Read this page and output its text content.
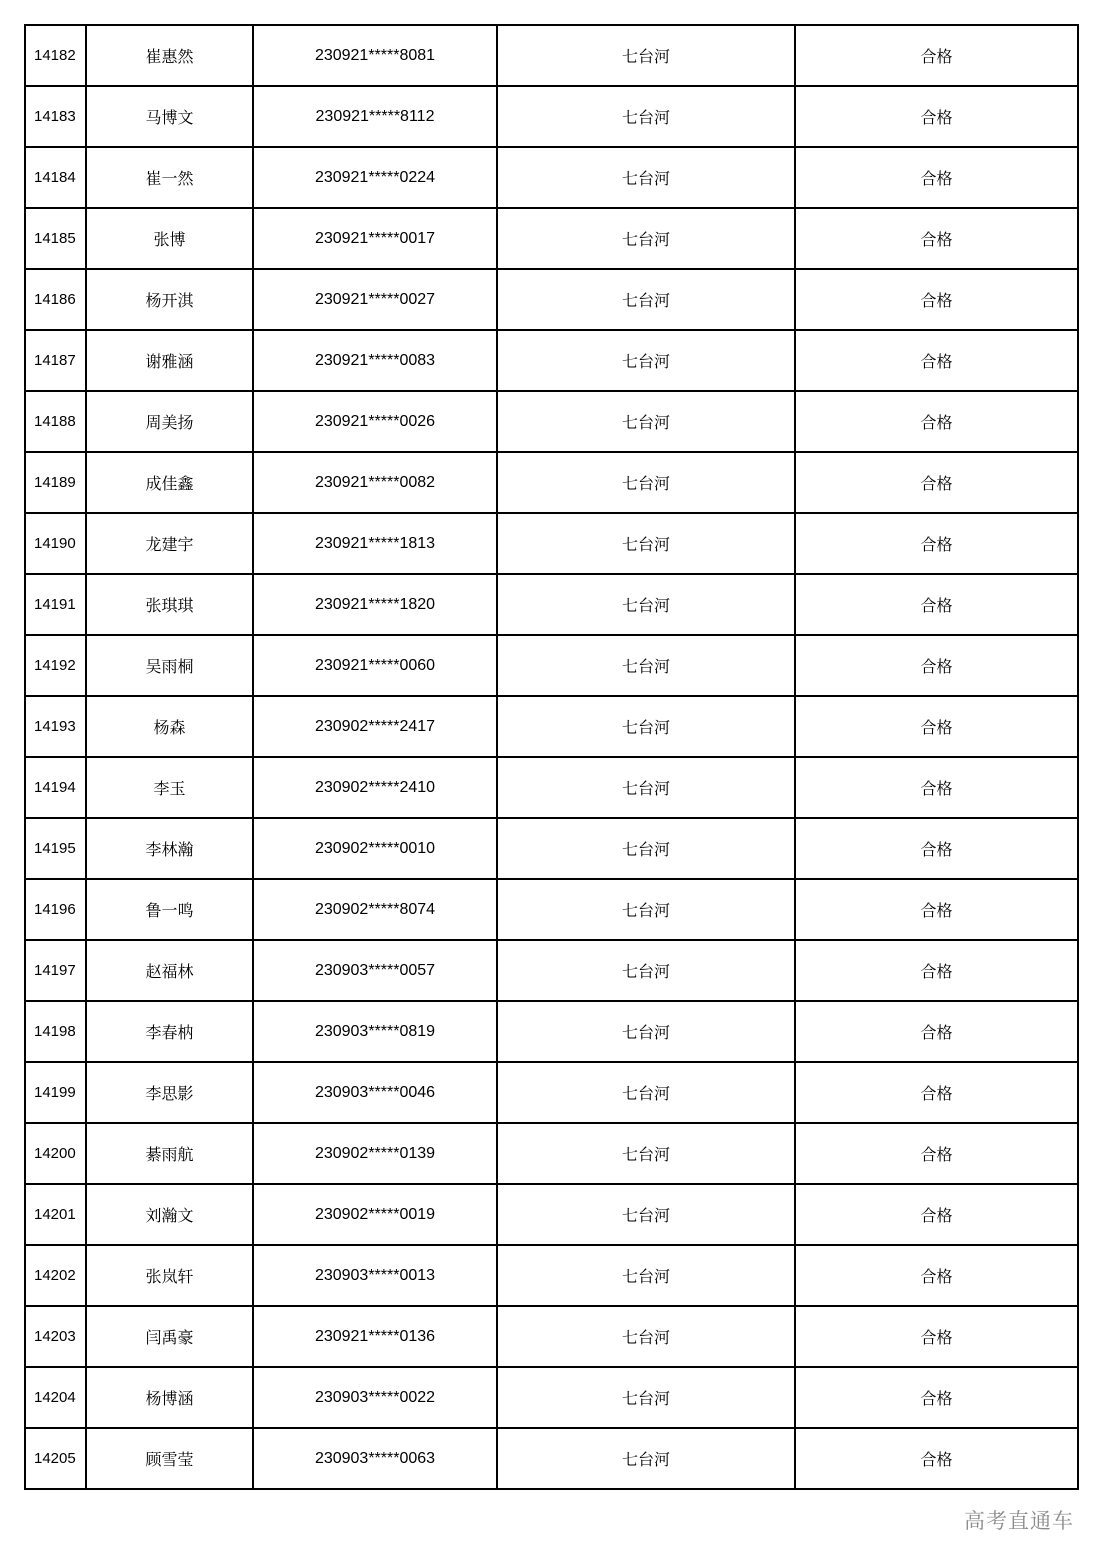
14182	崔惠然	230921*****8081	七台河	合格
14183	马博文	230921*****8112	七台河	合格
14184	崔一然	230921*****0224	七台河	合格
14185	张博	230921*****0017	七台河	合格
14186	杨开淇	230921*****0027	七台河	合格
14187	谢雅涵	230921*****0083	七台河	合格
14188	周美扬	230921*****0026	七台河	合格
14189	成佳鑫	230921*****0082	七台河	合格
14190	龙建宇	230921*****1813	七台河	合格
14191	张琪琪	230921*****1820	七台河	合格
14192	吴雨桐	230921*****0060	七台河	合格
14193	杨森	230902*****2417	七台河	合格
14194	李玉	230902*****2410	七台河	合格
14195	李林瀚	230902*****0010	七台河	合格
14196	鲁一鸣	230902*****8074	七台河	合格
14197	赵福林	230903*****0057	七台河	合格
14198	李春枘	230903*****0819	七台河	合格
14199	李思影	230903*****0046	七台河	合格
14200	綦雨航	230902*****0139	七台河	合格
14201	刘瀚文	230902*****0019	七台河	合格
14202	张岚轩	230903*****0013	七台河	合格
14203	闫禹豪	230921*****0136	七台河	合格
14204	杨博涵	230903*****0022	七台河	合格
14205	顾雪莹	230903*****0063	七台河	合格
高考直通车
